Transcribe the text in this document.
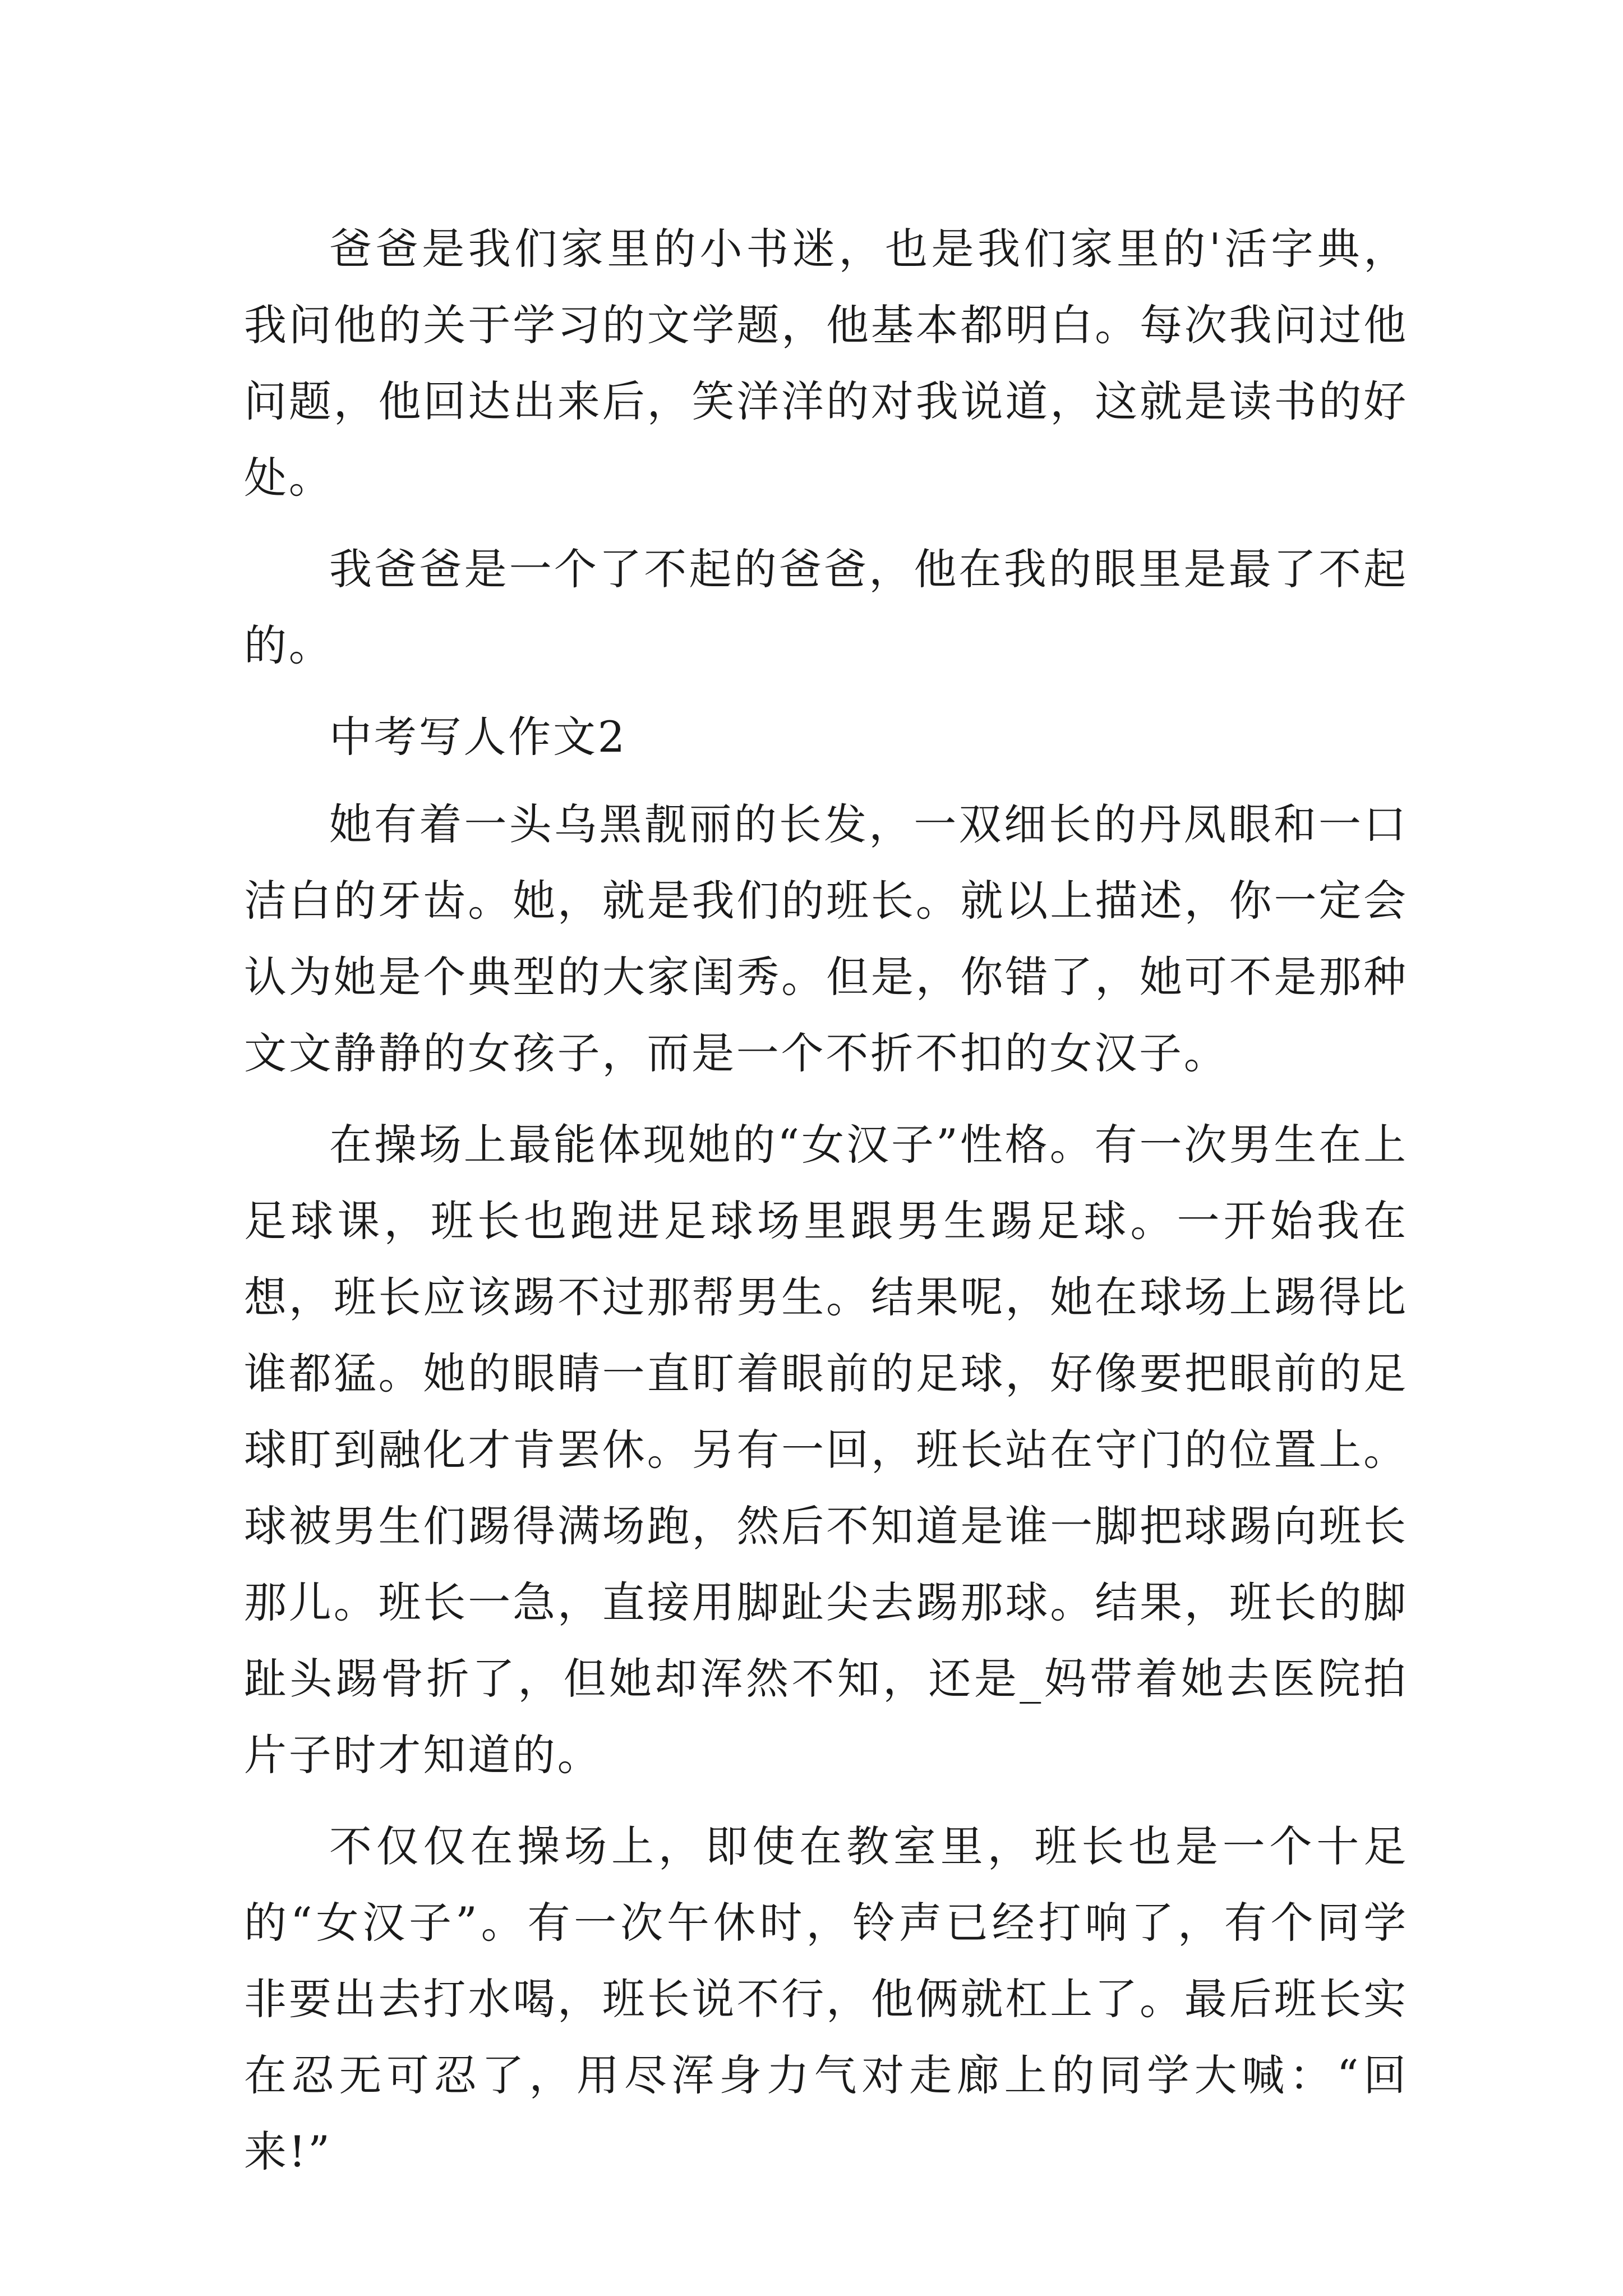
爸爸是我们家里的小书迷，也是我们家里的'活字典，我问他的关于学习的文学题，他基本都明白。每次我问过他问题，他回达出来后，笑洋洋的对我说道，这就是读书的好处。

我爸爸是一个了不起的爸爸，他在我的眼里是最了不起的。

中考写人作文2

她有着一头乌黑靓丽的长发，一双细长的丹凤眼和一口洁白的牙齿。她，就是我们的班长。就以上描述，你一定会认为她是个典型的大家闺秀。但是，你错了，她可不是那种文文静静的女孩子，而是一个不折不扣的女汉子。

在操场上最能体现她的“女汉子”性格。有一次男生在上足球课，班长也跑进足球场里跟男生踢足球。一开始我在想，班长应该踢不过那帮男生。结果呢，她在球场上踢得比谁都猛。她的眼睛一直盯着眼前的足球，好像要把眼前的足球盯到融化才肯罢休。另有一回，班长站在守门的位置上。球被男生们踢得满场跑，然后不知道是谁一脚把球踢向班长那儿。班长一急，直接用脚趾尖去踢那球。结果，班长的脚趾头踢骨折了，但她却浑然不知，还是_妈带着她去医院拍片子时才知道的。

不仅仅在操场上，即使在教室里，班长也是一个十足的“女汉子”。有一次午休时，铃声已经打响了，有个同学非要出去打水喝，班长说不行，他俩就杠上了。最后班长实在忍无可忍了，用尽浑身力气对走廊上的同学大喊：“回来!”
